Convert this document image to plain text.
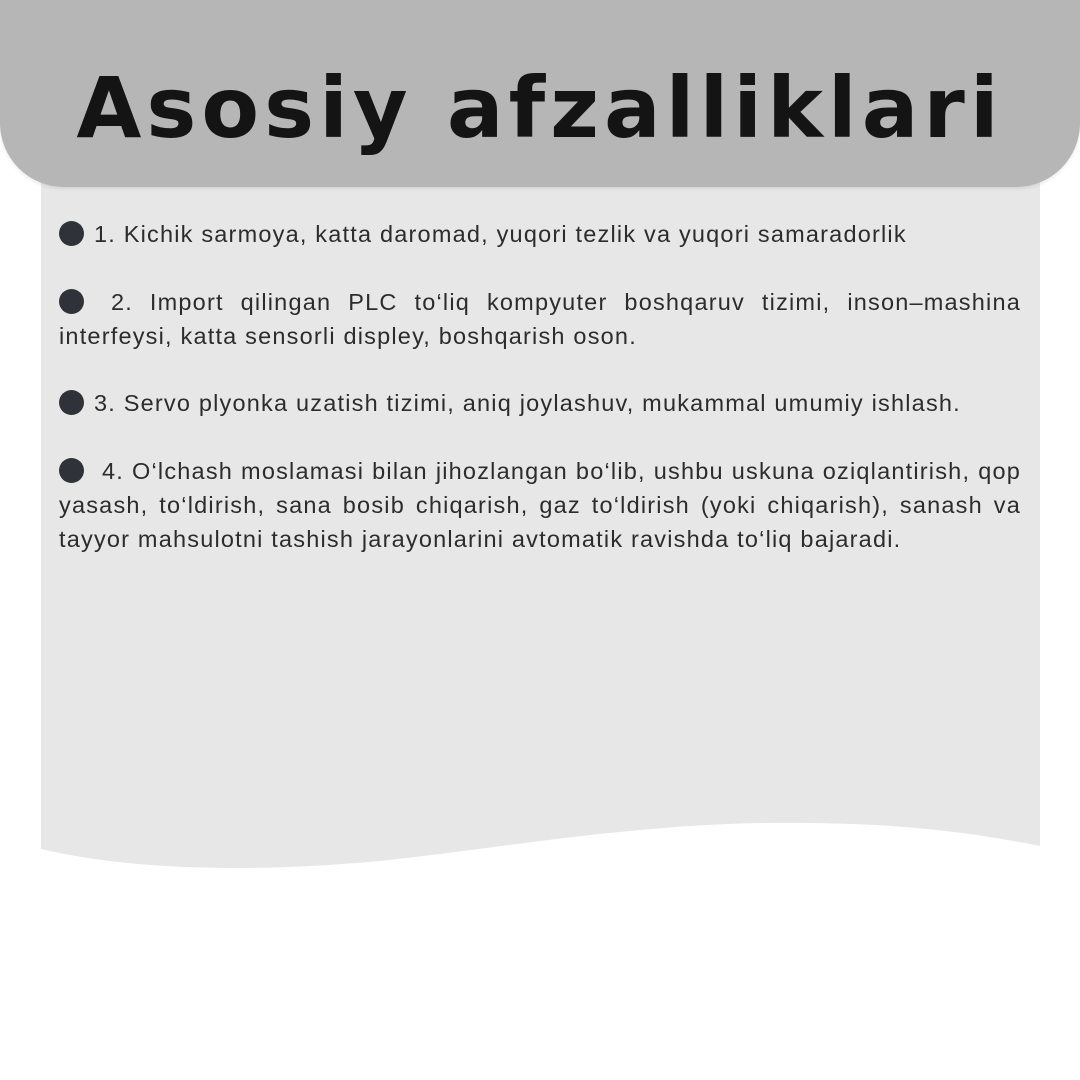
Asosiy afzalliklari
1. Kichik sarmoya, katta daromad, yuqori tezlik va yuqori samaradorlik
2. Import qilingan PLC to‘liq kompyuter boshqaruv tizimi, inson–mashina interfeysi, katta sensorli displey, boshqarish oson.
3. Servo plyonka uzatish tizimi, aniq joylashuv, mukammal umumiy ishlash.
4. O‘lchash moslamasi bilan jihozlangan bo‘lib, ushbu uskuna oziqlantirish, qop yasash, to‘ldirish, sana bosib chiqarish, gaz to‘ldirish (yoki chiqarish), sanash va tayyor mahsulotni tashish jarayonlarini avtomatik ravishda to‘liq bajaradi.
